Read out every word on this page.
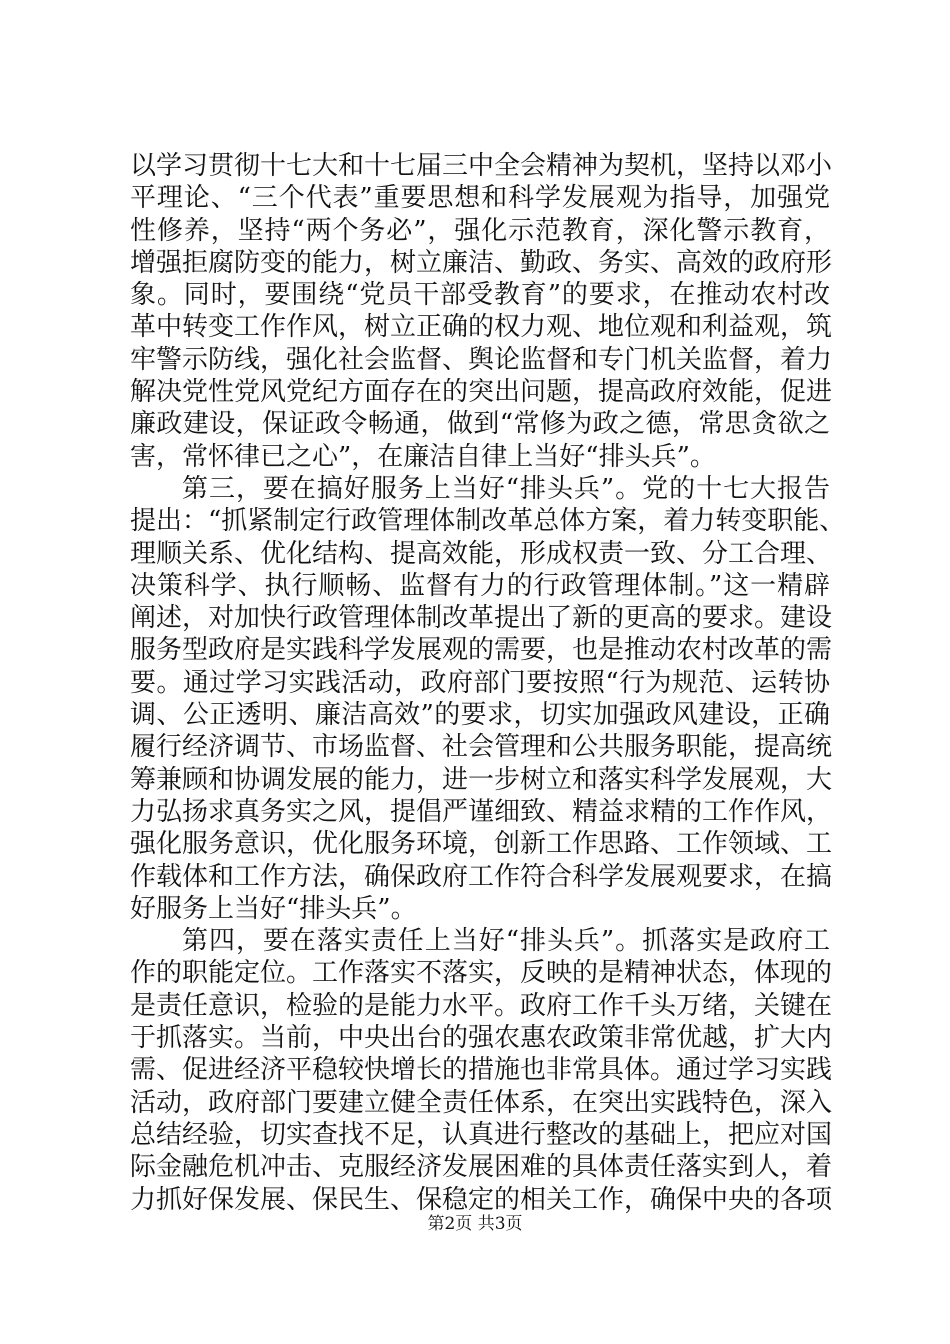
以学习贯彻十七大和十七届三中全会精神为契机，坚持以邓小
平理论、“三个代表”重要思想和科学发展观为指导，加强党
性修养，坚持“两个务必”，强化示范教育，深化警示教育，
增强拒腐防变的能力，树立廉洁、勤政、务实、高效的政府形
象。同时，要围绕“党员干部受教育”的要求，在推动农村改
革中转变工作作风，树立正确的权力观、地位观和利益观，筑
牢警示防线，强化社会监督、舆论监督和专门机关监督，着力
解决党性党风党纪方面存在的突出问题，提高政府效能，促进
廉政建设，保证政令畅通，做到“常修为政之德，常思贪欲之
害，常怀律已之心”，在廉洁自律上当好“排头兵”。
第三，要在搞好服务上当好“排头兵”。党的十七大报告
提出：“抓紧制定行政管理体制改革总体方案，着力转变职能、
理顺关系、优化结构、提高效能，形成权责一致、分工合理、
决策科学、执行顺畅、监督有力的行政管理体制。”这一精辟
阐述，对加快行政管理体制改革提出了新的更高的要求。建设
服务型政府是实践科学发展观的需要，也是推动农村改革的需
要。通过学习实践活动，政府部门要按照“行为规范、运转协
调、公正透明、廉洁高效”的要求，切实加强政风建设，正确
履行经济调节、市场监督、社会管理和公共服务职能，提高统
筹兼顾和协调发展的能力，进一步树立和落实科学发展观，大
力弘扬求真务实之风，提倡严谨细致、精益求精的工作作风，
强化服务意识，优化服务环境，创新工作思路、工作领域、工
作载体和工作方法，确保政府工作符合科学发展观要求，在搞
好服务上当好“排头兵”。
第四，要在落实责任上当好“排头兵”。抓落实是政府工
作的职能定位。工作落实不落实，反映的是精神状态，体现的
是责任意识，检验的是能力水平。政府工作千头万绪，关键在
于抓落实。当前，中央出台的强农惠农政策非常优越，扩大内
需、促进经济平稳较快增长的措施也非常具体。通过学习实践
活动，政府部门要建立健全责任体系，在突出实践特色，深入
总结经验，切实查找不足，认真进行整改的基础上，把应对国
际金融危机冲击、克服经济发展困难的具体责任落实到人，着
力抓好保发展、保民生、保稳定的相关工作，确保中央的各项
第2页 共3页
